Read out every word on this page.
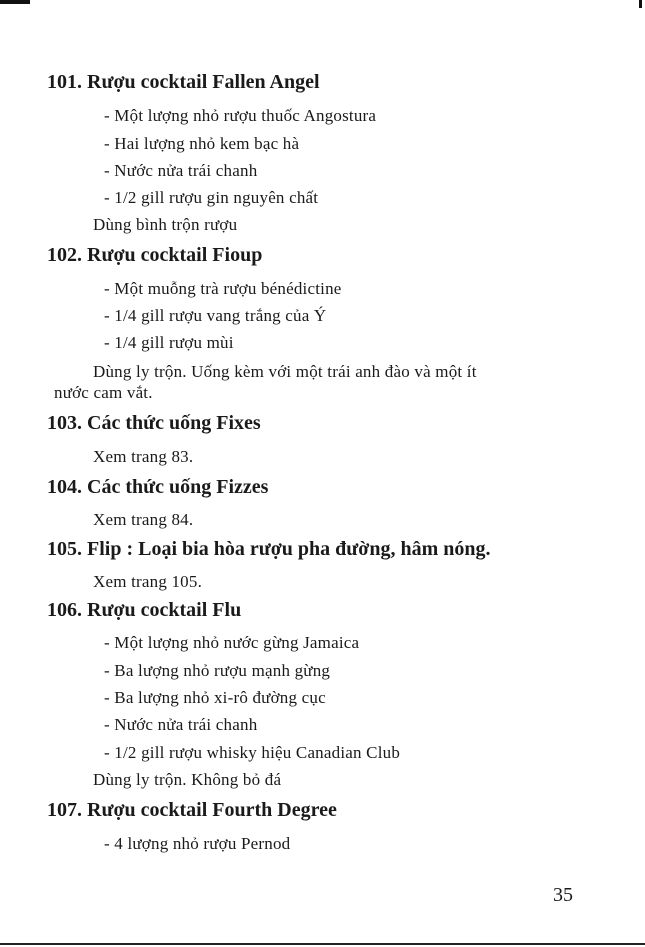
101. Rượu cocktail Fallen Angel
- Một lượng nhỏ rượu thuốc Angostura
- Hai lượng nhỏ kem bạc hà
- Nước nửa trái chanh
- 1/2 gill rượu gin nguyên chất
Dùng bình trộn rượu
102. Rượu cocktail Fioup
- Một muỗng trà rượu bénédictine
- 1/4 gill rượu vang trắng của Ý
- 1/4 gill rượu mùi
Dùng ly trộn. Uống kèm với một trái anh đào và một ít
nước cam vắt.
103. Các thức uống Fixes
Xem trang 83.
104. Các thức uống Fizzes
Xem trang 84.
105. Flip : Loại bia hòa rượu pha đường, hâm nóng.
Xem trang 105.
106. Rượu cocktail Flu
- Một lượng nhỏ nước gừng Jamaica
- Ba lượng nhỏ rượu mạnh gừng
- Ba lượng nhỏ xi-rô đường cục
- Nước nửa trái chanh
- 1/2 gill rượu whisky hiệu Canadian Club
Dùng ly trộn. Không bỏ đá
107. Rượu cocktail Fourth Degree
- 4 lượng nhỏ rượu Pernod
35
